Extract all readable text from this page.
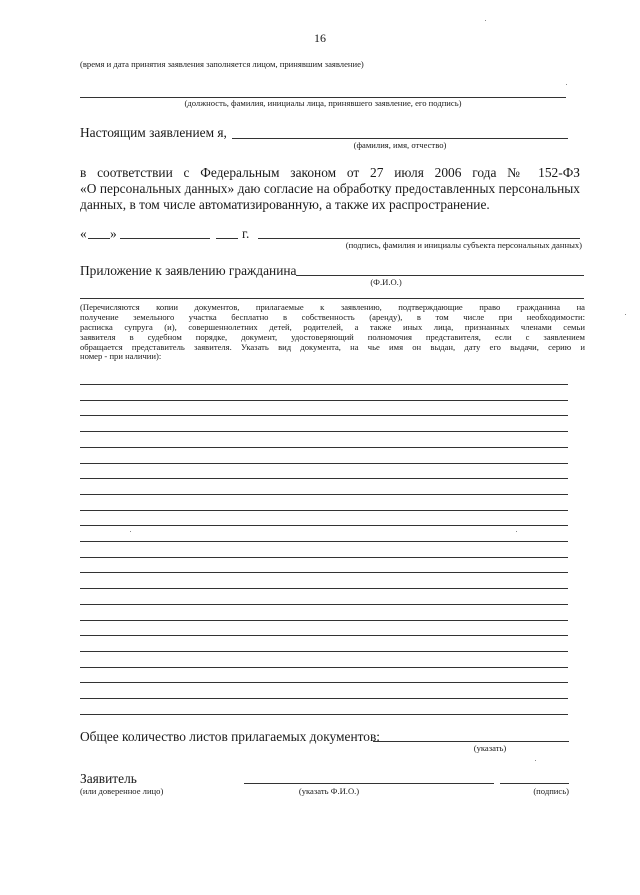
16
(время и дата принятия заявления заполняется лицом, принявшим заявление)
(должность, фамилия, инициалы лица, принявшего заявление, его подпись)
Настоящим заявлением я,
(фамилия, имя, отчество)
в соответствии с Федеральным законом от 27 июля 2006 года № 152-ФЗ
«О персональных данных» даю согласие на обработку предоставленных персональных
данных, в том числе автоматизированную, а также их распространение.
« »	г.
(подпись, фамилия и инициалы субъекта персональных данных)
Приложение к заявлению гражданина
(Ф.И.О.)
(Перечисляются копии документов, прилагаемые к заявлению, подтверждающие право гражданина на
получение земельного участка бесплатно в собственность (аренду), в том числе при необходимости:
расписка супруга (и), совершеннолетних детей, родителей, а также иных лица, признанных членами семьи
заявителя в судебном порядке, документ, удостоверяющий полномочия представителя, если с заявлением
обращается представитель заявителя. Указать вид документа, на чье имя он выдан, дату его выдачи, серию и
номер - при наличии):
Общее количество листов прилагаемых документов:
(указать)
Заявитель
(или доверенное лицо)	(указать Ф.И.О.)	(подпись)
